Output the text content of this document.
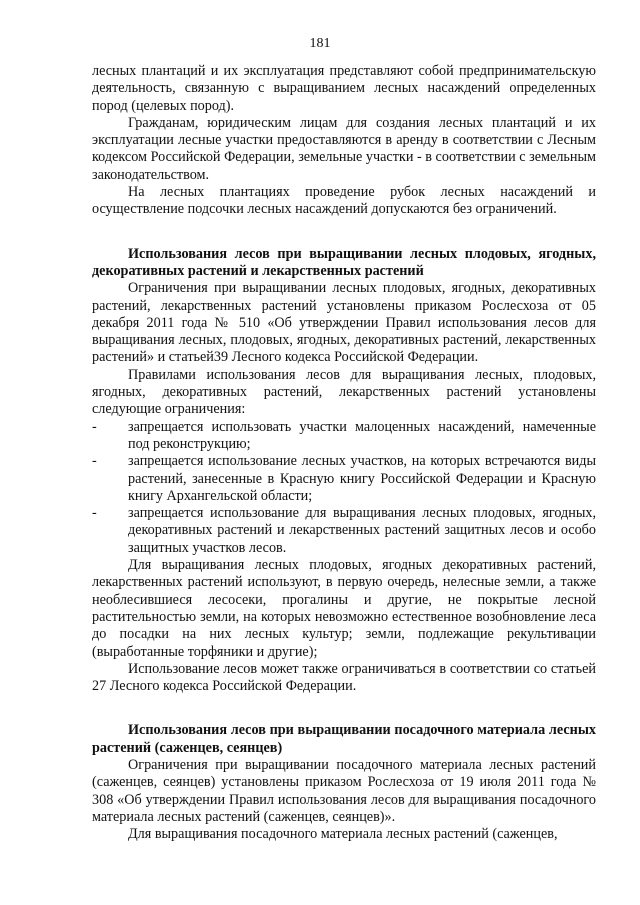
181

лесных плантаций и их эксплуатация представляют собой предпринимательскую деятельность, связанную с выращиванием лесных насаждений определенных пород (целевых пород).

Гражданам, юридическим лицам для создания лесных плантаций и их эксплуатации лесные участки предоставляются в аренду в соответствии с Лесным кодексом Российской Федерации, земельные участки - в соответствии с земельным законодательством.

На лесных плантациях проведение рубок лесных насаждений и осуществление подсочки лесных насаждений допускаются без ограничений.

Использования лесов при выращивании лесных плодовых, ягодных, декоративных растений и лекарственных растений

Ограничения при выращивании лесных плодовых, ягодных, декоративных растений, лекарственных растений установлены приказом Рослесхоза от 05 декабря 2011 года № 510 «Об утверждении Правил использования лесов для выращивания лесных, плодовых, ягодных, декоративных растений, лекарственных растений» и статьей39 Лесного кодекса Российской Федерации.

Правилами использования лесов для выращивания лесных, плодовых, ягодных, декоративных растений, лекарственных растений установлены следующие ограничения:

-	запрещается использовать участки малоценных насаждений, намеченные под реконструкцию;
-	запрещается использование лесных участков, на которых встречаются виды растений, занесенные в Красную книгу Российской Федерации и Красную книгу Архангельской области;
-	запрещается использование для выращивания лесных плодовых, ягодных, декоративных растений и лекарственных растений защитных лесов и особо защитных участков лесов.

Для выращивания лесных плодовых, ягодных декоративных растений, лекарственных растений используют, в первую очередь, нелесные земли, а также необлесившиеся лесосеки, прогалины и другие, не покрытые лесной растительностью земли, на которых невозможно естественное возобновление леса до посадки на них лесных культур; земли, подлежащие рекультивации (выработанные торфяники и другие);

Использование лесов может также ограничиваться в соответствии со статьей 27 Лесного кодекса Российской Федерации.

Использования лесов при выращивании посадочного материала лесных растений (саженцев, сеянцев)

Ограничения при выращивании посадочного материала лесных растений (саженцев, сеянцев) установлены приказом Рослесхоза от 19 июля 2011 года № 308 «Об утверждении Правил использования лесов для выращивания посадочного материала лесных растений (саженцев, сеянцев)».

Для выращивания посадочного материала лесных растений (саженцев,
